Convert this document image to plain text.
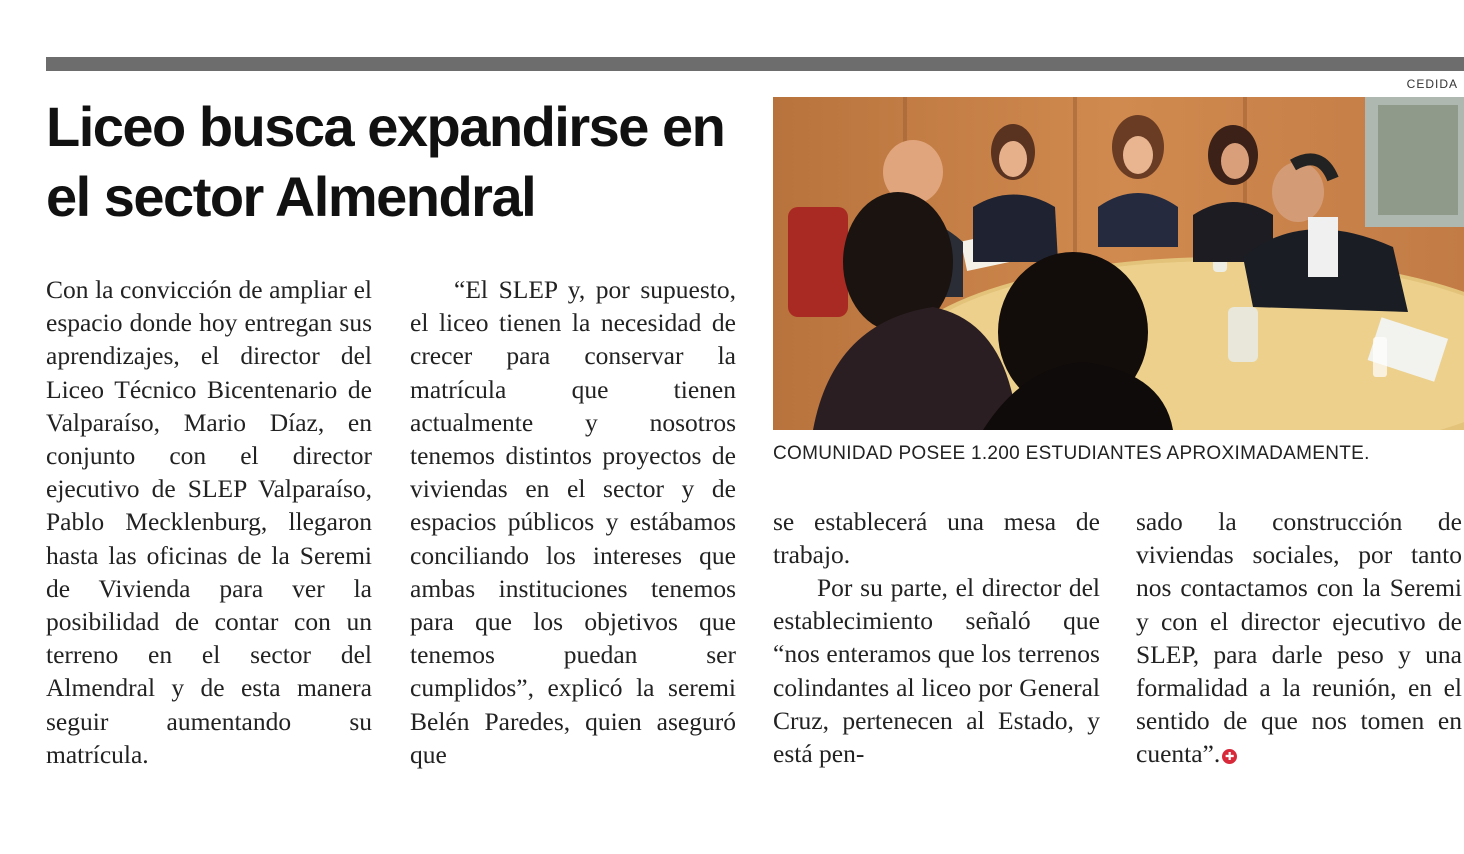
CEDIDA
Liceo busca expandirse en el sector Almendral

Con la convicción de ampliar el espacio donde hoy entregan sus aprendizajes, el director del Liceo Técnico Bicentenario de Valparaíso, Mario Díaz, en conjunto con el director ejecutivo de SLEP Valparaíso, Pablo Mecklenburg, llegaron hasta las oficinas de la Seremi de Vivienda para ver la posibilidad de contar con un terreno en el sector del Almendral y de esta manera seguir aumentando su matrícula.

“El SLEP y, por supuesto, el liceo tienen la necesidad de crecer para conservar la matrícula que tienen actualmente y nosotros tenemos distintos proyectos de viviendas en el sector y de espacios públicos y estábamos conciliando los intereses que ambas instituciones tenemos para que los objetivos que tenemos puedan ser cumplidos”, explicó la seremi Belén Paredes, quien aseguró que

COMUNIDAD POSEE 1.200 ESTUDIANTES APROXIMADAMENTE.

se establecerá una mesa de trabajo.

Por su parte, el director del establecimiento señaló que “nos enteramos que los terrenos colindantes al liceo por General Cruz, pertenecen al Estado, y está pen-

sado la construcción de viviendas sociales, por tanto nos contactamos con la Seremi y con el director ejecutivo de SLEP, para darle peso y una formalidad a la reunión, en el sentido de que nos tomen en cuenta”. ✚
